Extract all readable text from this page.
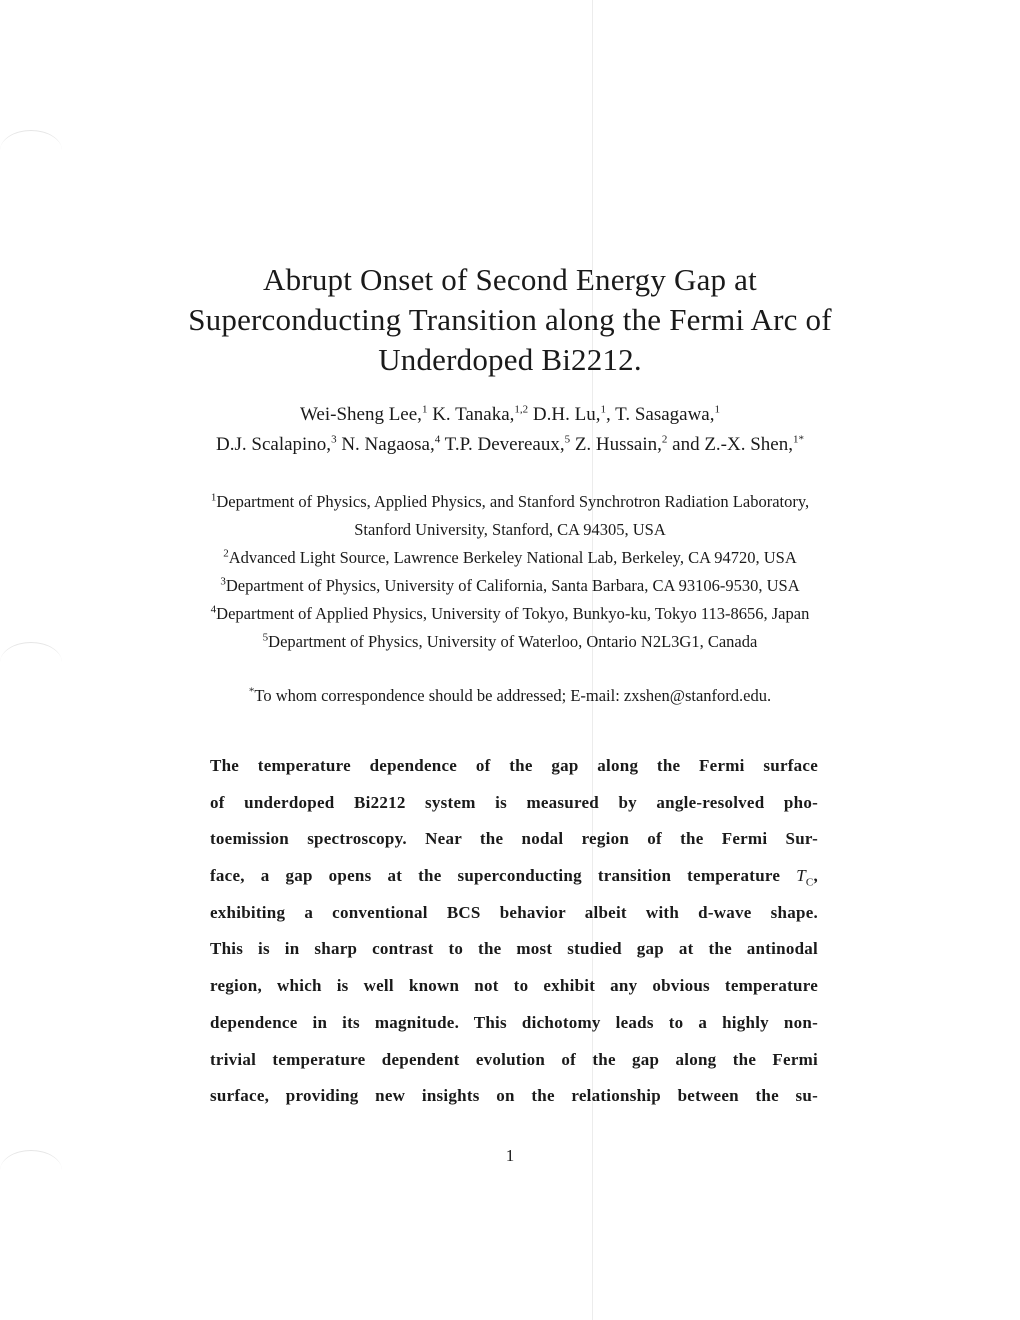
Abrupt Onset of Second Energy Gap at
Superconducting Transition along the Fermi Arc of
Underdoped Bi2212.
Wei-Sheng Lee,$^1$ K. Tanaka,$^{1,2}$ D.H. Lu,$^1$, T. Sasagawa,$^1$
D.J. Scalapino,$^3$ N. Nagaosa,$^4$ T.P. Devereaux,$^5$ Z. Hussain,$^2$ and Z.-X. Shen,$^{1*}$
$^1$Department of Physics, Applied Physics, and Stanford Synchrotron Radiation Laboratory,
Stanford University, Stanford, CA 94305, USA
$^2$Advanced Light Source, Lawrence Berkeley National Lab, Berkeley, CA 94720, USA
$^3$Department of Physics, University of California, Santa Barbara, CA 93106-9530, USA
$^4$Department of Applied Physics, University of Tokyo, Bunkyo-ku, Tokyo 113-8656, Japan
$^5$Department of Physics, University of Waterloo, Ontario N2L3G1, Canada
*To whom correspondence should be addressed; E-mail: zxshen@stanford.edu.
The temperature dependence of the gap along the Fermi surface
of underdoped Bi2212 system is measured by angle-resolved pho-
toemission spectroscopy. Near the nodal region of the Fermi Sur-
face, a gap opens at the superconducting transition temperature $T_C$,
exhibiting a conventional BCS behavior albeit with d-wave shape.
This is in sharp contrast to the most studied gap at the antinodal
region, which is well known not to exhibit any obvious temperature
dependence in its magnitude. This dichotomy leads to a highly non-
trivial temperature dependent evolution of the gap along the Fermi
surface, providing new insights on the relationship between the su-
1
